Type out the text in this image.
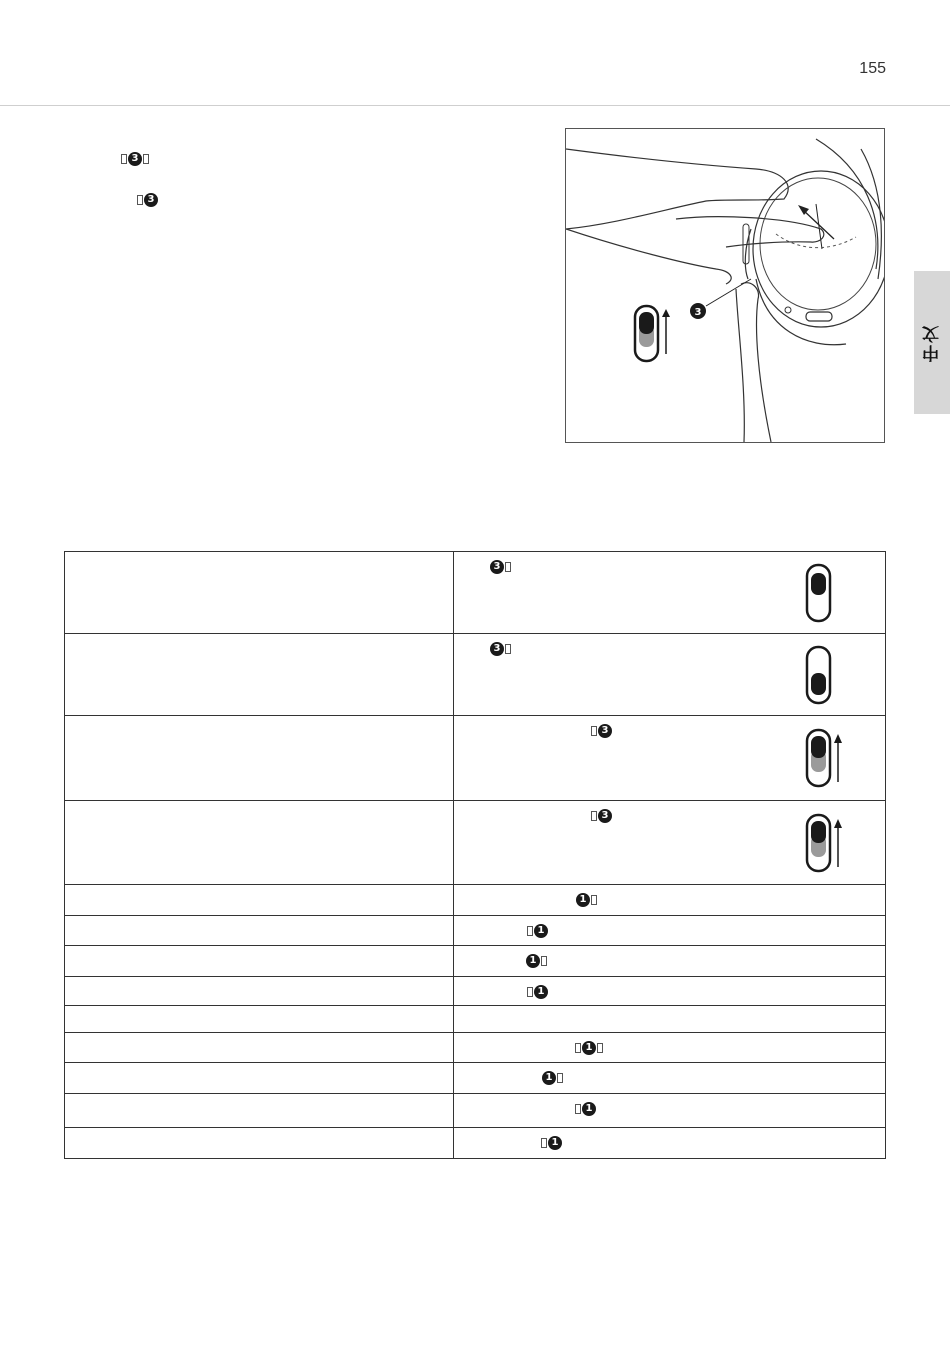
155
中文
3
3
3

	3

	3

	3

	3

	1

	1

	1

	1

	1

	1

	1

	1
